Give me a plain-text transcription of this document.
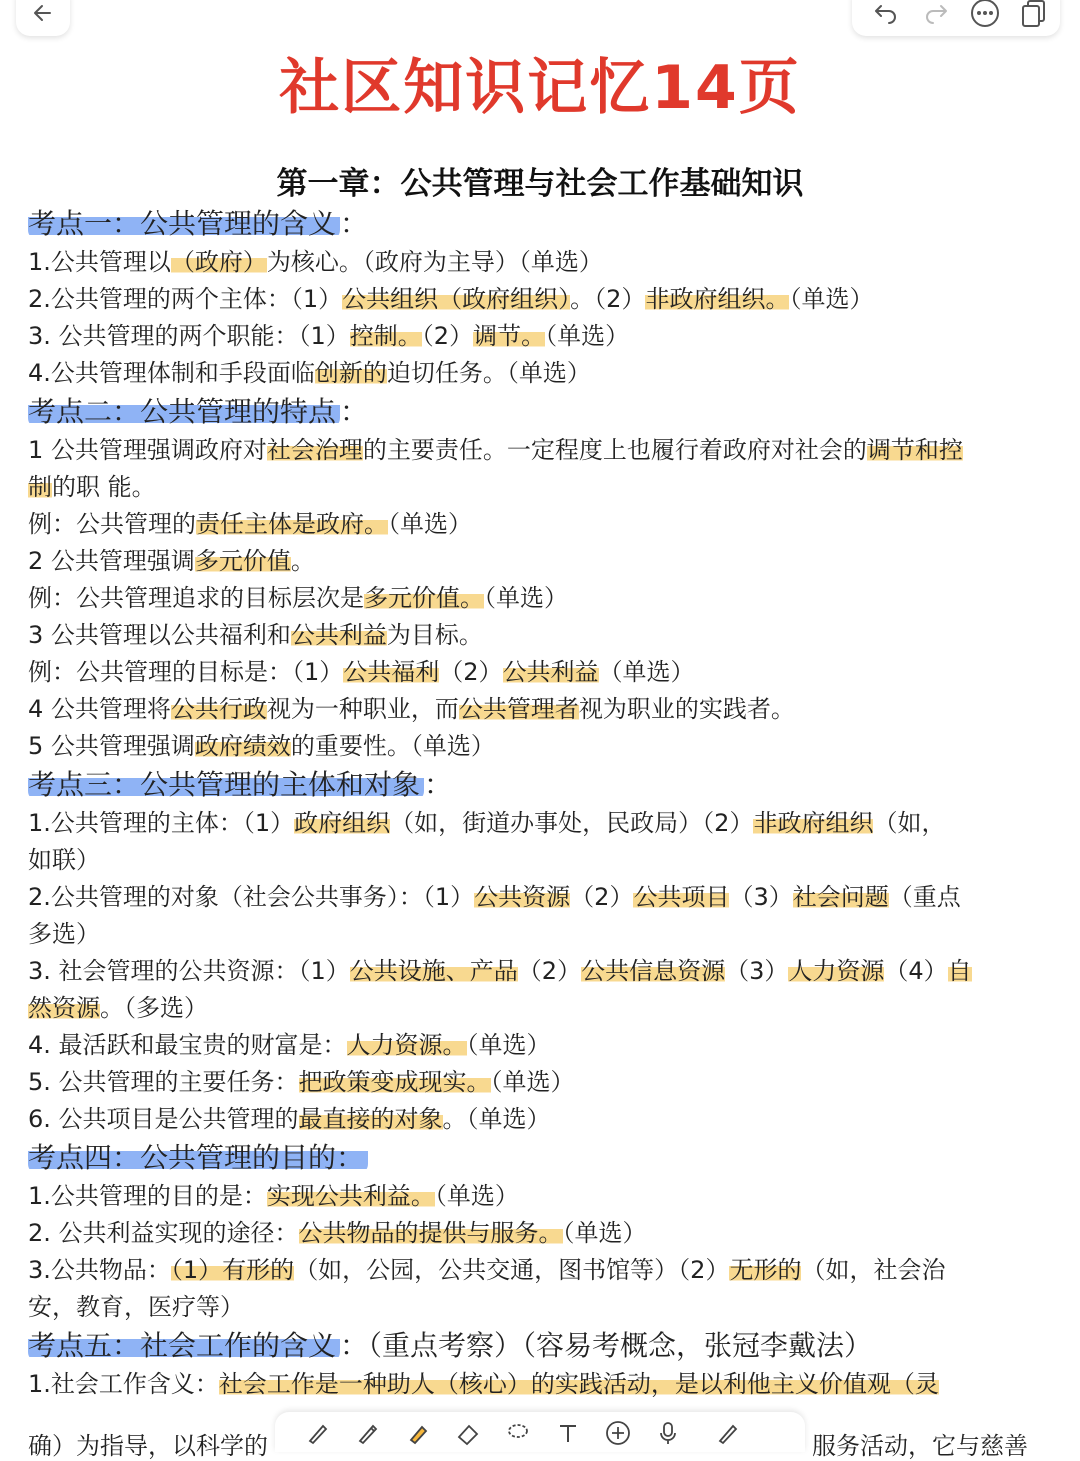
社区知识记忆14页
第一章：公共管理与社会工作基础知识
考点一：公共管理的含义 ：
1.公共管理以（政府）为核心。（政府为主导）（单选）
2.公共管理的两个主体：（1）公共组织（政府组织）。（2）非政府组织。（单选）
3. 公共管理的两个职能：（1）控制。（2）调节。（单选）
4.公共管理体制和手段面临创新的迫切任务。（单选）
考点二：公共管理的特点 ：
1 公共管理强调政府对社会治理的主要责任。一定程度上也履行着政府对社会的调节和控
制的职 能。
例：公共管理的责任主体是政府。（单选）
2 公共管理强调多元价值。
例：公共管理追求的目标层次是多元价值。（单选）
3 公共管理以公共福利和公共利益为目标。
例：公共管理的目标是：（1）公共福利（2）公共利益（单选）
4 公共管理将公共行政视为一种职业，而公共管理者视为职业的实践者。
5 公共管理强调政府绩效的重要性。（单选）
考点三：公共管理的主体和对象 ：
1.公共管理的主体：（1）政府组织（如，街道办事处，民政局）（2）非政府组织（如，
如联）
2.公共管理的对象（社会公共事务）：（1）公共资源（2）公共项目（3）社会问题（重点
多选）
3. 社会管理的公共资源：（1）公共设施、产品（2）公共信息资源（3）人力资源（4）自
然资源。（多选）
4. 最活跃和最宝贵的财富是：人力资源。（单选）
5. 公共管理的主要任务：把政策变成现实。（单选）
6. 公共项目是公共管理的最直接的对象。（单选）
考点四：公共管理的目的：
1.公共管理的目的是：实现公共利益。（单选）
2. 公共利益实现的途径：公共物品的提供与服务。（单选）
3.公共物品：（1）有形的（如，公园，公共交通，图书馆等）（2）无形的（如，社会治
安，教育，医疗等）
考点五：社会工作的含义 ：（重点考察）（容易考概念，张冠李戴法）
1.社会工作含义：社会工作是一种助人（核心）的实践活动，是以利他主义价值观（灵
确）为指导，以科学的	服务活动，它与慈善
